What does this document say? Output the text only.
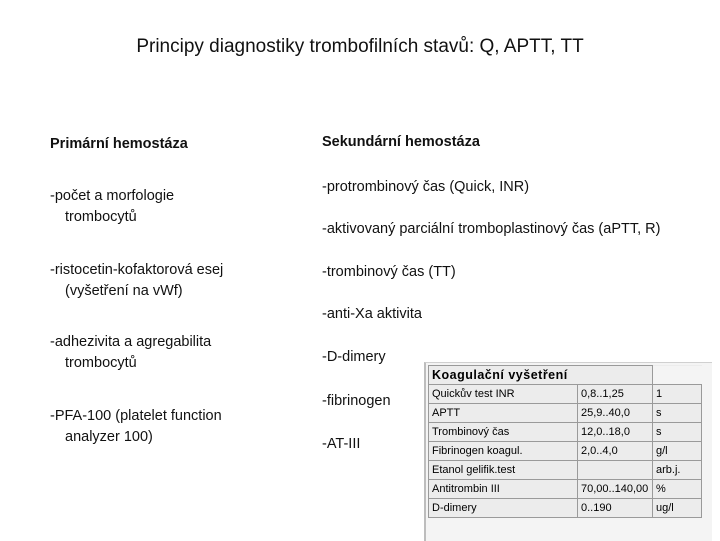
Principy diagnostiky trombofilních stavů: Q, APTT, TT
Primární hemostáza
-počet a morfologie
trombocytů
-ristocetin-kofaktorová esej
(vyšetření na vWf)
-adhezivita a agregabilita
trombocytů
-PFA-100 (platelet function
analyzer 100)
Sekundární hemostáza
-protrombinový čas (Quick, INR)
-aktivovaný parciální tromboplastinový čas (aPTT, R)
-trombinový čas (TT)
-anti-Xa aktivita
-D-dimery
-fibrinogen
-AT-III
Koagulační vyšetření		
Quickův test INR	0,8..1,25	1
APTT	25,9..40,0	s
Trombinový čas	12,0..18,0	s
Fibrinogen koagul.	2,0..4,0	g/l
Etanol gelifik.test		arb.j.
Antitrombin III	70,00..140,00	%
D-dimery	0..190	ug/l
